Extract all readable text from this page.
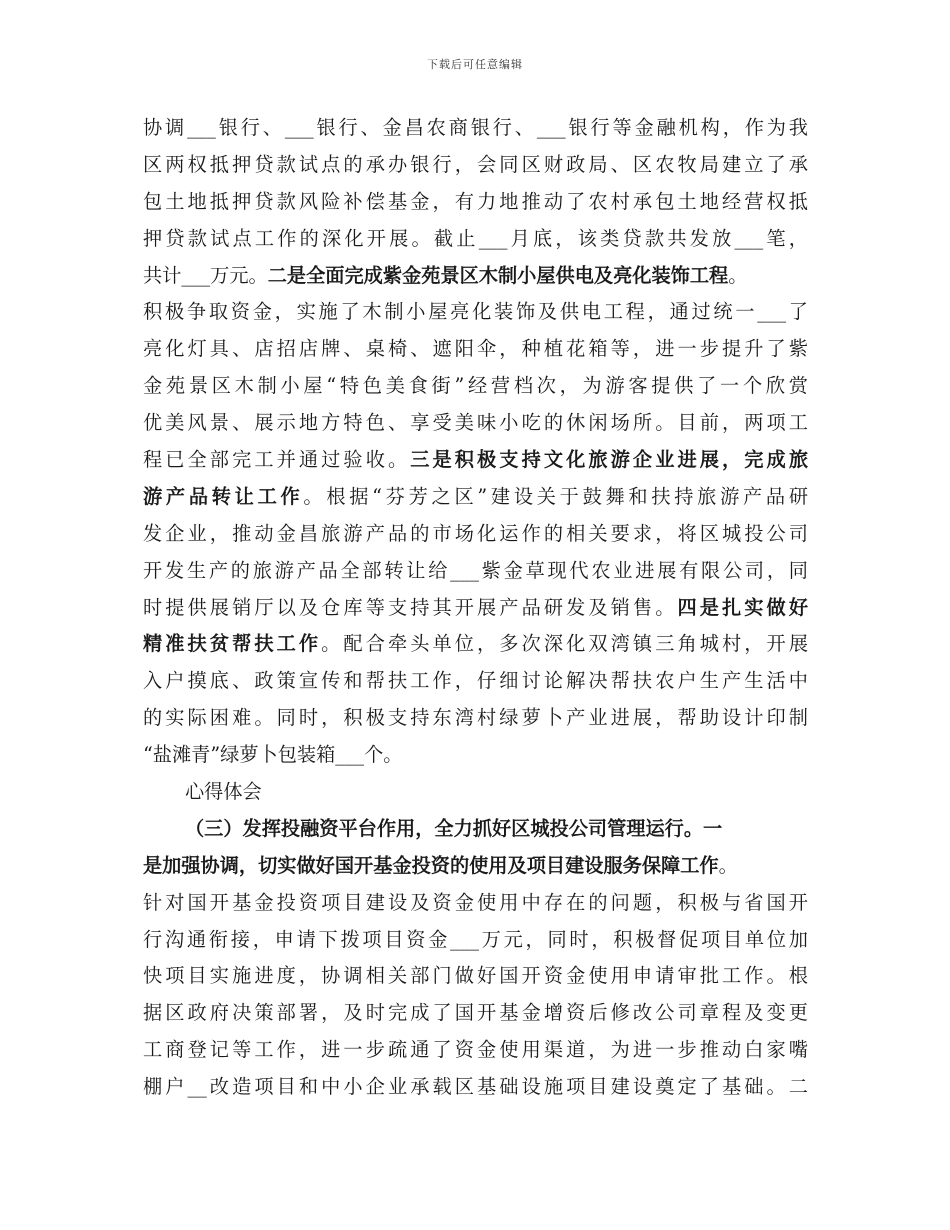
下载后可任意编辑
协调___银行、___银行、金昌农商银行、___银行等金融机构，作为我
区两权抵押贷款试点的承办银行，会同区财政局、区农牧局建立了承
包土地抵押贷款风险补偿基金，有力地推动了农村承包土地经营权抵
押贷款试点工作的深化开展。截止___月底，该类贷款共发放___笔，
共计___万元。二是全面完成紫金苑景区木制小屋供电及亮化装饰工程。
积极争取资金，实施了木制小屋亮化装饰及供电工程，通过统一___了
亮化灯具、店招店牌、桌椅、遮阳伞，种植花箱等，进一步提升了紫
金苑景区木制小屋“特色美食街”经营档次，为游客提供了一个欣赏
优美风景、展示地方特色、享受美味小吃的休闲场所。目前，两项工
程已全部完工并通过验收。三是积极支持文化旅游企业进展，完成旅
游产品转让工作。根据“芬芳之区”建设关于鼓舞和扶持旅游产品研
发企业，推动金昌旅游产品的市场化运作的相关要求，将区城投公司
开发生产的旅游产品全部转让给___紫金草现代农业进展有限公司，同
时提供展销厅以及仓库等支持其开展产品研发及销售。四是扎实做好
精准扶贫帮扶工作。配合牵头单位，多次深化双湾镇三角城村，开展
入户摸底、政策宣传和帮扶工作，仔细讨论解决帮扶农户生产生活中
的实际困难。同时，积极支持东湾村绿萝卜产业进展，帮助设计印制
“盐滩青”绿萝卜包装箱___个。
心得体会
（三）发挥投融资平台作用，全力抓好区城投公司管理运行。一
是加强协调，切实做好国开基金投资的使用及项目建设服务保障工作。
针对国开基金投资项目建设及资金使用中存在的问题，积极与省国开
行沟通衔接，申请下拨项目资金___万元，同时，积极督促项目单位加
快项目实施进度，协调相关部门做好国开资金使用申请审批工作。根
据区政府决策部署，及时完成了国开基金增资后修改公司章程及变更
工商登记等工作，进一步疏通了资金使用渠道，为进一步推动白家嘴
棚户__改造项目和中小企业承载区基础设施项目建设奠定了基础。二
